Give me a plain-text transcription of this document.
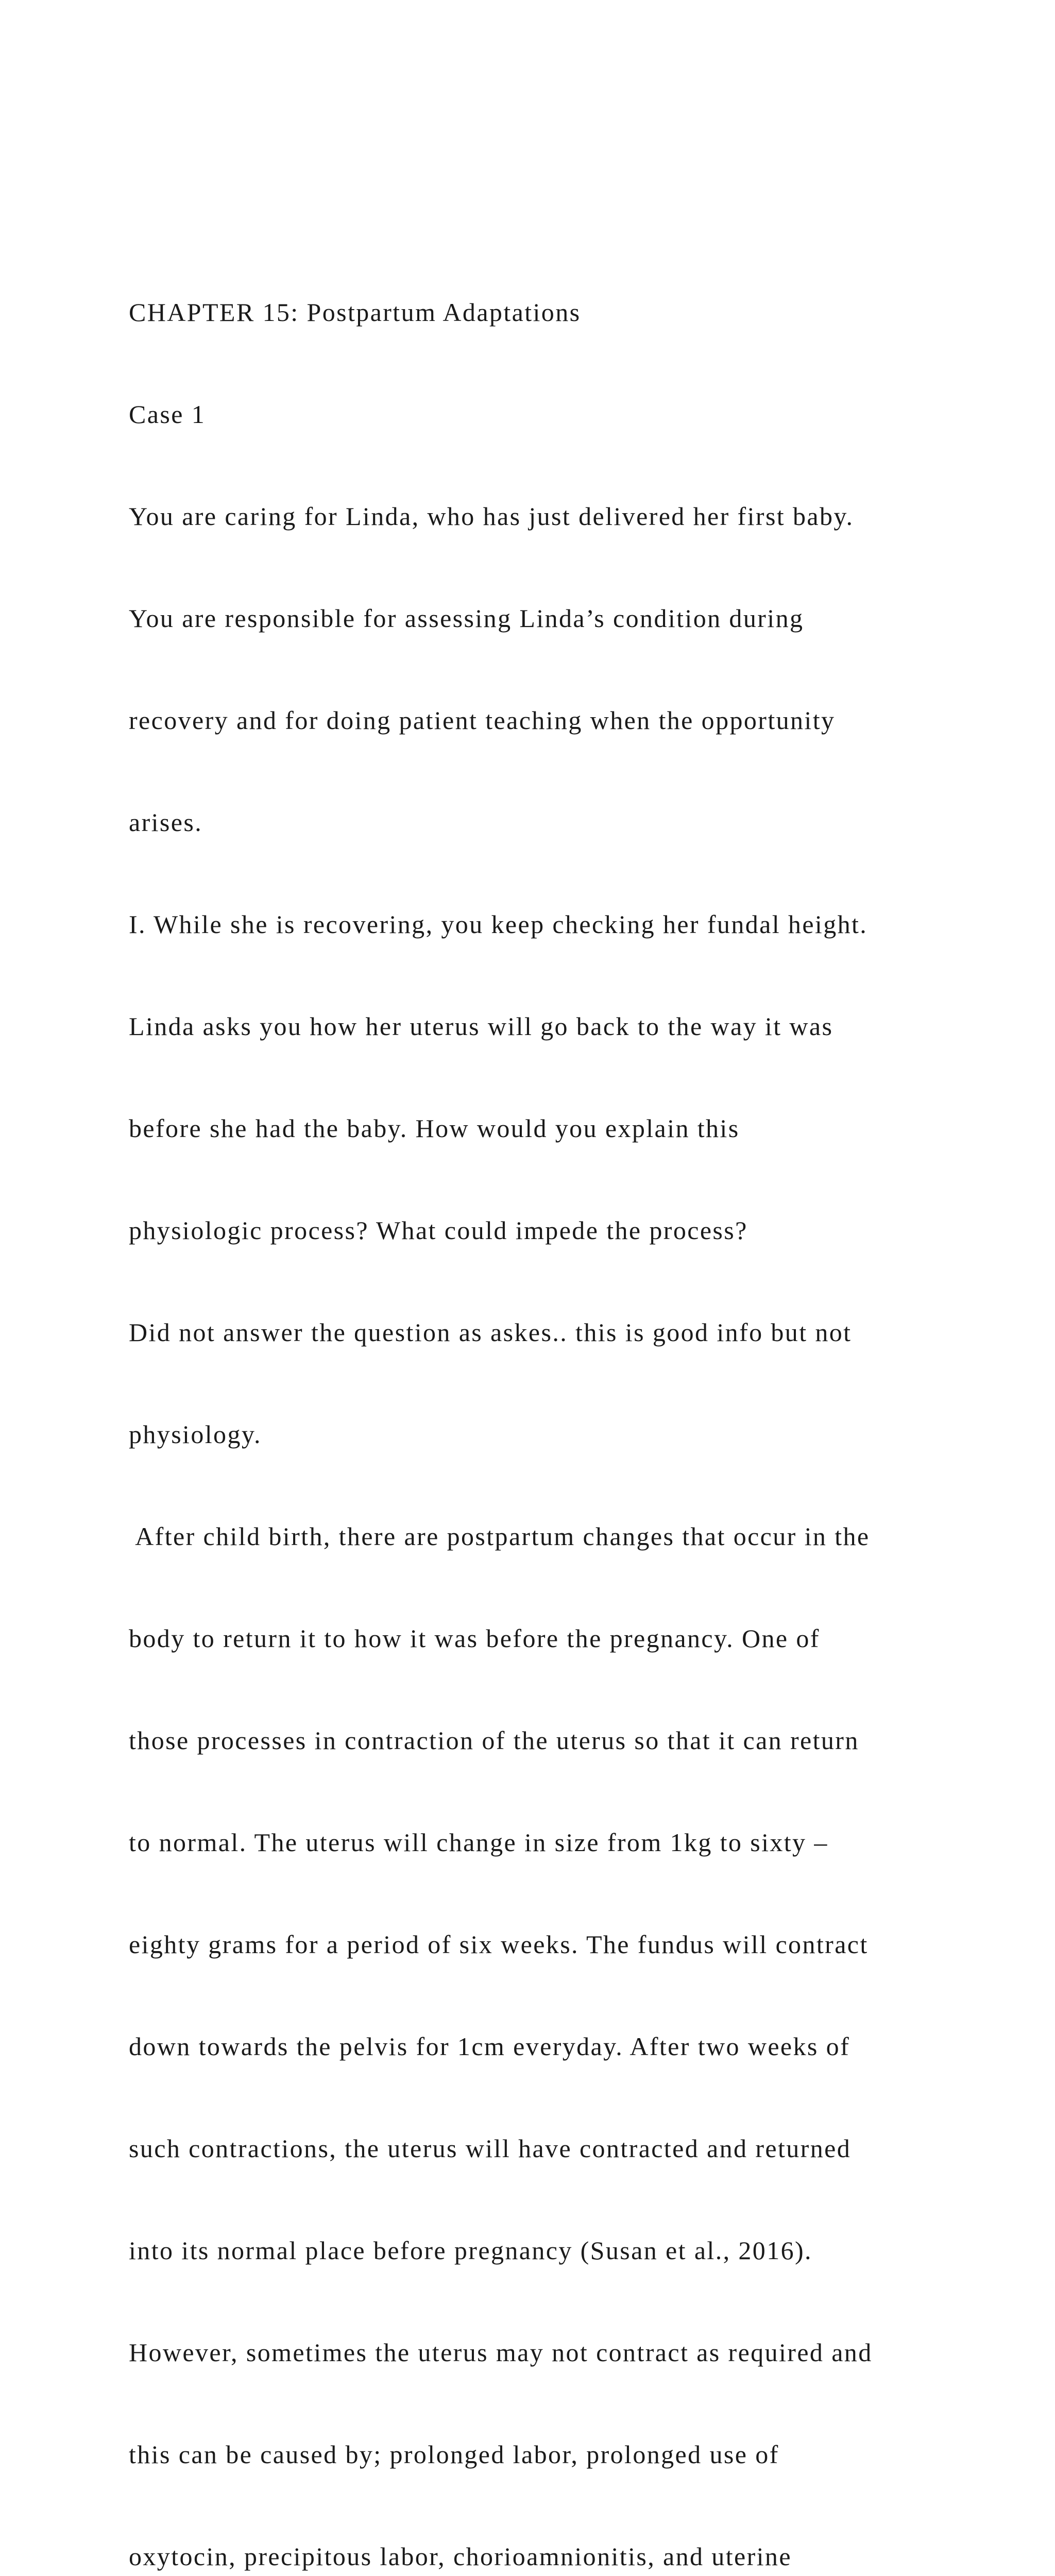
CHAPTER 15: Postpartum Adaptations

Case 1

You are caring for Linda, who has just delivered her first baby.

You are responsible for assessing Linda’s condition during

recovery and for doing patient teaching when the opportunity

arises.

I. While she is recovering, you keep checking her fundal height.

Linda asks you how her uterus will go back to the way it was

before she had the baby. How would you explain this

physiologic process? What could impede the process?

Did not answer the question as askes.. this is good info but not

physiology.

After child birth, there are postpartum changes that occur in the

body to return it to how it was before the pregnancy. One of

those processes in contraction of the uterus so that it can return

to normal. The uterus will change in size from 1kg to sixty –

eighty grams for a period of six weeks. The fundus will contract

down towards the pelvis for 1cm everyday. After two weeks of

such contractions, the uterus will have contracted and returned

into its normal place before pregnancy (Susan et al., 2016).

However, sometimes the uterus may not contract as required and

this can be caused by; prolonged labor, prolonged use of

oxytocin, precipitous labor, chorioamnionitis, and uterine
